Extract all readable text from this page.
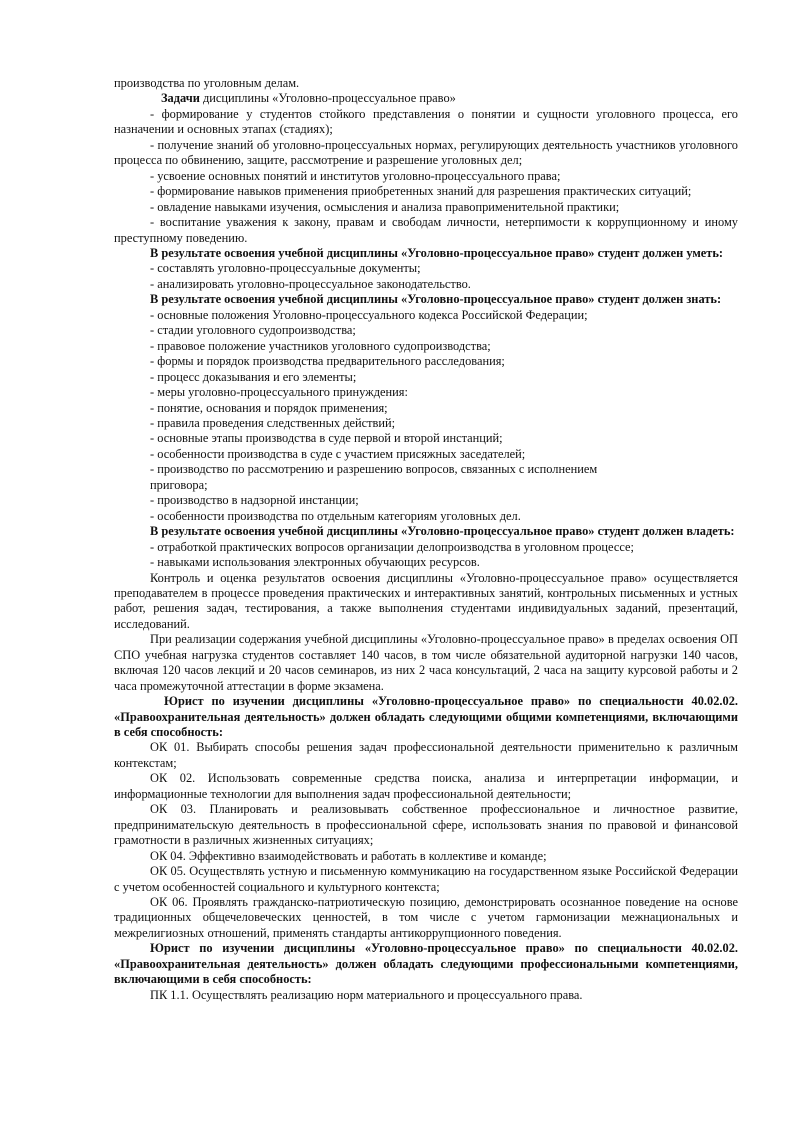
производства по уголовным делам.

Задачи дисциплины «Уголовно-процессуальное право»

- формирование у студентов стойкого представления о понятии и сущности уголовного процесса, его назначении и основных этапах (стадиях);

- получение знаний об уголовно-процессуальных нормах, регулирующих деятельность участников уголовного процесса по обвинению, защите, рассмотрение и разрешение уголовных дел;

- усвоение основных понятий и институтов уголовно-процессуального права;

- формирование навыков применения приобретенных знаний для разрешения практических ситуаций;

- овладение навыками изучения, осмысления и анализа правоприменительной практики;

- воспитание уважения к закону, правам и свободам личности, нетерпимости к коррупционному и иному преступному поведению.

В результате освоения учебной дисциплины «Уголовно-процессуальное право» студент должен уметь:

- составлять уголовно-процессуальные документы;

- анализировать уголовно-процессуальное законодательство.

В результате освоения учебной дисциплины «Уголовно-процессуальное право» студент должен знать:

- основные положения Уголовно-процессуального кодекса Российской Федерации;

- стадии уголовного судопроизводства;

- правовое положение участников уголовного судопроизводства;

- формы и порядок производства предварительного расследования;

- процесс доказывания и его элементы;

- меры уголовно-процессуального принуждения:

- понятие, основания и порядок применения;

- правила проведения следственных действий;

- основные этапы производства в суде первой и второй инстанций;

- особенности производства в суде с участием присяжных заседателей;

- производство по рассмотрению и разрешению вопросов, связанных с исполнением

приговора;

- производство в надзорной инстанции;

- особенности производства по отдельным категориям уголовных дел.

В результате освоения учебной дисциплины «Уголовно-процессуальное право» студент должен владеть:

- отработкой практических вопросов организации делопроизводства в уголовном процессе;

- навыками использования электронных обучающих ресурсов.

Контроль и оценка результатов освоения дисциплины «Уголовно-процессуальное право» осуществляется преподавателем в процессе проведения практических и интерактивных занятий, контрольных письменных и устных работ, решения задач, тестирования, а также выполнения студентами индивидуальных заданий, презентаций, исследований.

При реализации содержания учебной дисциплины «Уголовно-процессуальное право» в пределах освоения ОП СПО учебная нагрузка студентов составляет 140 часов, в том числе обязательной аудиторной нагрузки 140 часов, включая 120 часов лекций и 20 часов семинаров, из них 2 часа консультаций, 2 часа на защиту курсовой работы и 2 часа промежуточной аттестации в форме экзамена.

Юрист по изучении дисциплины «Уголовно-процессуальное право» по специальности 40.02.02. «Правоохранительная деятельность» должен обладать следующими общими компетенциями, включающими в себя способность:

ОК 01. Выбирать способы решения задач профессиональной деятельности применительно к различным контекстам;

ОК 02. Использовать современные средства поиска, анализа и интерпретации информации, и информационные технологии для выполнения задач профессиональной деятельности;

ОК 03. Планировать и реализовывать собственное профессиональное и личностное развитие, предпринимательскую деятельность в профессиональной сфере, использовать знания по правовой и финансовой грамотности в различных жизненных ситуациях;

ОК 04. Эффективно взаимодействовать и работать в коллективе и команде;

ОК 05. Осуществлять устную и письменную коммуникацию на государственном языке Российской Федерации с учетом особенностей социального и культурного контекста;

ОК 06. Проявлять гражданско-патриотическую позицию, демонстрировать осознанное поведение на основе традиционных общечеловеческих ценностей, в том числе с учетом гармонизации межнациональных и межрелигиозных отношений, применять стандарты антикоррупционного поведения.

Юрист по изучении дисциплины «Уголовно-процессуальное право» по специальности 40.02.02. «Правоохранительная деятельность» должен обладать следующими профессиональными компетенциями, включающими в себя способность:

ПК 1.1. Осуществлять реализацию норм материального и процессуального права.
